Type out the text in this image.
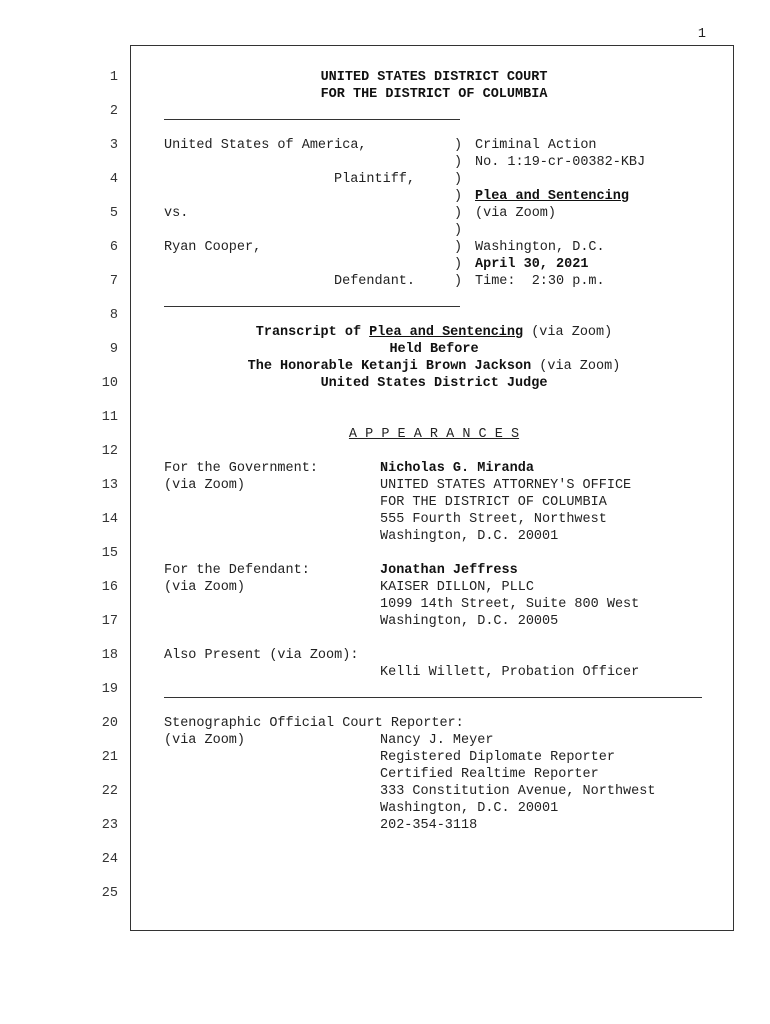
1
1
2
3
4
5
6
7
8
9
10
11
12
13
14
15
16
17
18
19
20
21
22
23
24
25
UNITED STATES DISTRICT COURT
FOR THE DISTRICT OF COLUMBIA
United States of America,
Plaintiff,
vs.
Ryan Cooper,
Defendant.
)
)
)
)
)
)
)
)
)
Criminal Action
No. 1:19-cr-00382-KBJ
Plea and Sentencing
(via Zoom)
Washington, D.C.
April 30, 2021
Time:  2:30 p.m.
Transcript of Plea and Sentencing (via Zoom)
Held Before
The Honorable Ketanji Brown Jackson (via Zoom)
United States District Judge
A P P E A R A N C E S
For the Government:
(via Zoom)
Nicholas G. Miranda
UNITED STATES ATTORNEY'S OFFICE
FOR THE DISTRICT OF COLUMBIA
555 Fourth Street, Northwest
Washington, D.C. 20001
For the Defendant:
(via Zoom)
Jonathan Jeffress
KAISER DILLON, PLLC
1099 14th Street, Suite 800 West
Washington, D.C. 20005
Also Present (via Zoom):
Kelli Willett, Probation Officer
Stenographic Official Court Reporter:
(via Zoom)	Nancy J. Meyer
Registered Diplomate Reporter
Certified Realtime Reporter
333 Constitution Avenue, Northwest
Washington, D.C. 20001
202-354-3118
